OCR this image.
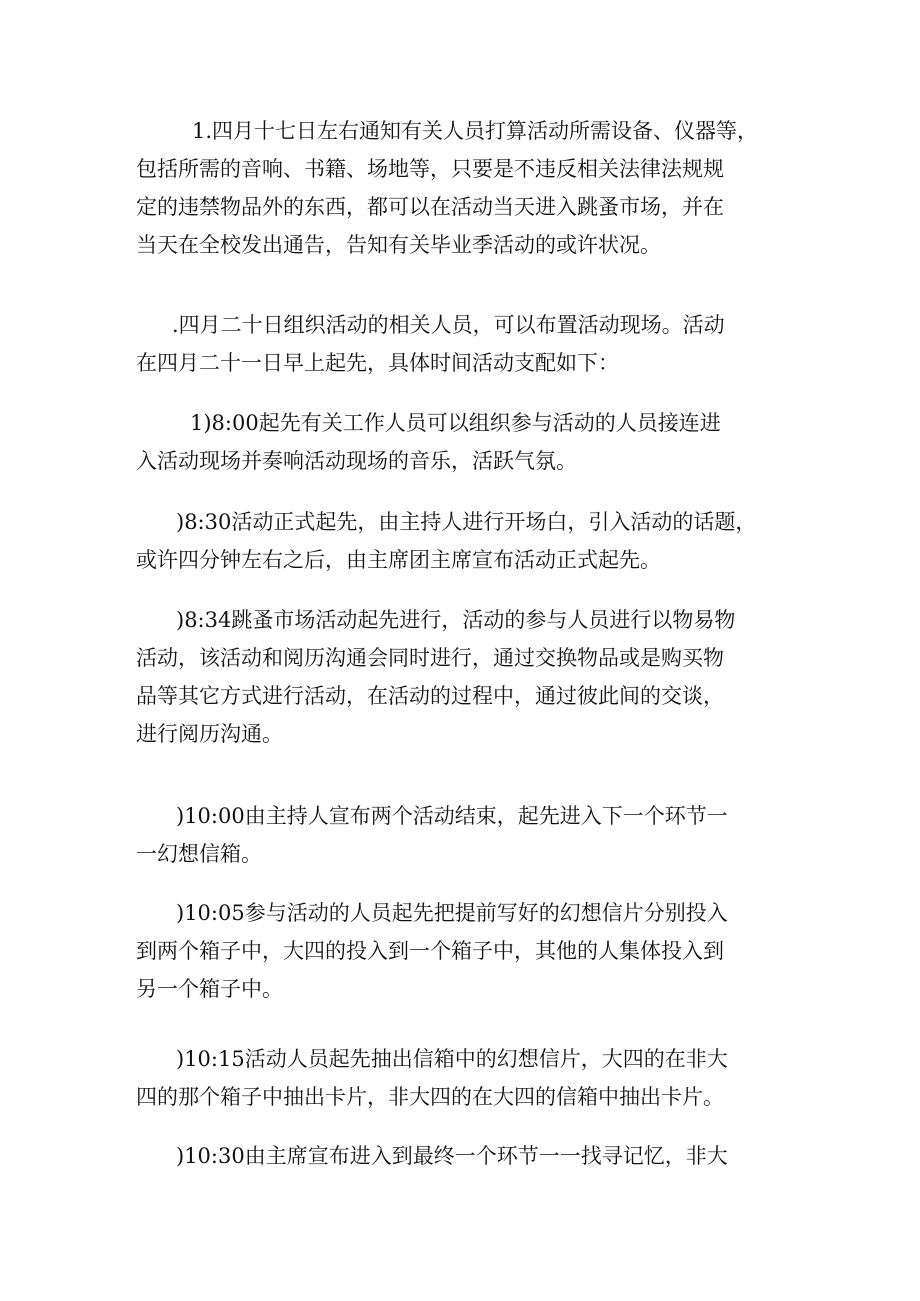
1.四月十七日左右通知有关人员打算活动所需设备、仪器等，
包括所需的音响、书籍、场地等，只要是不违反相关法律法规规
定的违禁物品外的东西，都可以在活动当天进入跳蚤市场，并在
当天在全校发出通告，告知有关毕业季活动的或许状况。

.四月二十日组织活动的相关人员，可以布置活动现场。活动
在四月二十一日早上起先，具体时间活动支配如下：

1)8:00起先有关工作人员可以组织参与活动的人员接连进
入活动现场并奏响活动现场的音乐，活跃气氛。

)8:30活动正式起先，由主持人进行开场白，引入活动的话题，
或许四分钟左右之后，由主席团主席宣布活动正式起先。

)8:34跳蚤市场活动起先进行，活动的参与人员进行以物易物
活动，该活动和阅历沟通会同时进行，通过交换物品或是购买物
品等其它方式进行活动，在活动的过程中，通过彼此间的交谈，
进行阅历沟通。

)10:00由主持人宣布两个活动结束，起先进入下一个环节一
一幻想信箱。

)10:05参与活动的人员起先把提前写好的幻想信片分别投入
到两个箱子中，大四的投入到一个箱子中，其他的人集体投入到
另一个箱子中。

)10:15活动人员起先抽出信箱中的幻想信片，大四的在非大
四的那个箱子中抽出卡片，非大四的在大四的信箱中抽出卡片。

)10:30由主席宣布进入到最终一个环节一一找寻记忆，非大
